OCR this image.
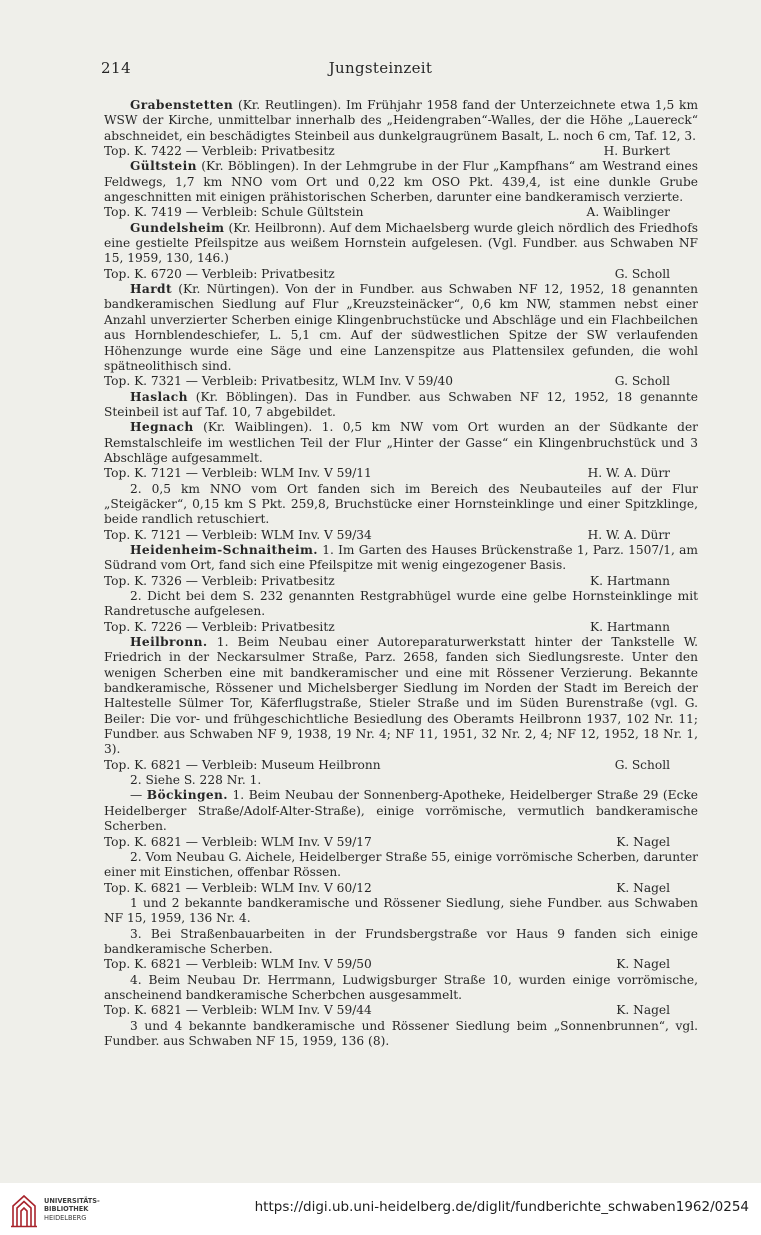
214	Jungsteinzeit

Grabenstetten (Kr. Reutlingen). Im Frühjahr 1958 fand der Unterzeichnete etwa 1,5 km WSW der Kirche, unmittelbar innerhalb des „Heidengraben“-Walles, der die Höhe „Lauereck“ abschneidet, ein beschädigtes Steinbeil aus dunkelgraugrünem Basalt, L. noch 6 cm, Taf. 12, 3.

Top. K. 7422 — Verbleib: Privatbesitz	H. Burkert

Gültstein (Kr. Böblingen). In der Lehmgrube in der Flur „Kampfhans“ am Westrand eines Feldwegs, 1,7 km NNO vom Ort und 0,22 km OSO Pkt. 439,4, ist eine dunkle Grube angeschnitten mit einigen prähistorischen Scherben, darunter eine bandkeramisch verzierte.

Top. K. 7419 — Verbleib: Schule Gültstein	A. Waiblinger

Gundelsheim (Kr. Heilbronn). Auf dem Michaelsberg wurde gleich nördlich des Friedhofs eine gestielte Pfeilspitze aus weißem Hornstein aufgelesen. (Vgl. Fundber. aus Schwaben NF 15, 1959, 130, 146.)

Top. K. 6720 — Verbleib: Privatbesitz	G. Scholl

Hardt (Kr. Nürtingen). Von der in Fundber. aus Schwaben NF 12, 1952, 18 genannten bandkeramischen Siedlung auf Flur „Kreuzsteinäcker“, 0,6 km NW, stammen nebst einer Anzahl unverzierter Scherben einige Klingenbruchstücke und Abschläge und ein Flachbeilchen aus Hornblendeschiefer, L. 5,1 cm. Auf der südwestlichen Spitze der SW verlaufenden Höhenzunge wurde eine Säge und eine Lanzenspitze aus Plattensilex gefunden, die wohl spätneolithisch sind.

Top. K. 7321 — Verbleib: Privatbesitz, WLM Inv. V 59/40	G. Scholl

Haslach (Kr. Böblingen). Das in Fundber. aus Schwaben NF 12, 1952, 18 genannte Steinbeil ist auf Taf. 10, 7 abgebildet.

Hegnach (Kr. Waiblingen). 1. 0,5 km NW vom Ort wurden an der Südkante der Remstalschleife im westlichen Teil der Flur „Hinter der Gasse“ ein Klingenbruchstück und 3 Abschläge aufgesammelt.

Top. K. 7121 — Verbleib: WLM Inv. V 59/11	H. W. A. Dürr

2. 0,5 km NNO vom Ort fanden sich im Bereich des Neubauteiles auf der Flur „Steigäcker“, 0,15 km S Pkt. 259,8, Bruchstücke einer Hornsteinklinge und einer Spitzklinge, beide randlich retuschiert.

Top. K. 7121 — Verbleib: WLM Inv. V 59/34	H. W. A. Dürr

Heidenheim-Schnaitheim. 1. Im Garten des Hauses Brückenstraße 1, Parz. 1507/1, am Südrand vom Ort, fand sich eine Pfeilspitze mit wenig eingezogener Basis.

Top. K. 7326 — Verbleib: Privatbesitz	K. Hartmann

2. Dicht bei dem S. 232 genannten Restgrabhügel wurde eine gelbe Hornsteinklinge mit Randretusche aufgelesen.

Top. K. 7226 — Verbleib: Privatbesitz	K. Hartmann

Heilbronn. 1. Beim Neubau einer Autoreparaturwerkstatt hinter der Tankstelle W. Friedrich in der Neckarsulmer Straße, Parz. 2658, fanden sich Siedlungsreste. Unter den wenigen Scherben eine mit bandkeramischer und eine mit Rössener Verzierung. Bekannte bandkeramische, Rössener und Michelsberger Siedlung im Norden der Stadt im Bereich der Haltestelle Sülmer Tor, Käferflugstraße, Stieler Straße und im Süden Burenstraße (vgl. G. Beiler: Die vor- und frühgeschichtliche Besiedlung des Oberamts Heilbronn 1937, 102 Nr. 11; Fundber. aus Schwaben NF 9, 1938, 19 Nr. 4; NF 11, 1951, 32 Nr. 2, 4; NF 12, 1952, 18 Nr. 1, 3).

Top. K. 6821 — Verbleib: Museum Heilbronn	G. Scholl

2. Siehe S. 228 Nr. 1.

— Böckingen. 1. Beim Neubau der Sonnenberg-Apotheke, Heidelberger Straße 29 (Ecke Heidelberger Straße/Adolf-Alter-Straße), einige vorrömische, vermutlich bandkeramische Scherben.

Top. K. 6821 — Verbleib: WLM Inv. V 59/17	K. Nagel

2. Vom Neubau G. Aichele, Heidelberger Straße 55, einige vorrömische Scherben, darunter einer mit Einstichen, offenbar Rössen.

Top. K. 6821 — Verbleib: WLM Inv. V 60/12	K. Nagel

1 und 2 bekannte bandkeramische und Rössener Siedlung, siehe Fundber. aus Schwaben NF 15, 1959, 136 Nr. 4.

3. Bei Straßenbauarbeiten in der Frundsbergstraße vor Haus 9 fanden sich einige bandkeramische Scherben.

Top. K. 6821 — Verbleib: WLM Inv. V 59/50	K. Nagel

4. Beim Neubau Dr. Herrmann, Ludwigsburger Straße 10, wurden einige vorrömische, anscheinend bandkeramische Scherbchen ausgesammelt.

Top. K. 6821 — Verbleib: WLM Inv. V 59/44	K. Nagel

3 und 4 bekannte bandkeramische und Rössener Siedlung beim „Sonnenbrunnen“, vgl. Fundber. aus Schwaben NF 15, 1959, 136 (8).

UNIVERSITÄTS-
BIBLIOTHEK
HEIDELBERG
https://digi.ub.uni-heidelberg.de/diglit/fundberichte_schwaben1962/0254
